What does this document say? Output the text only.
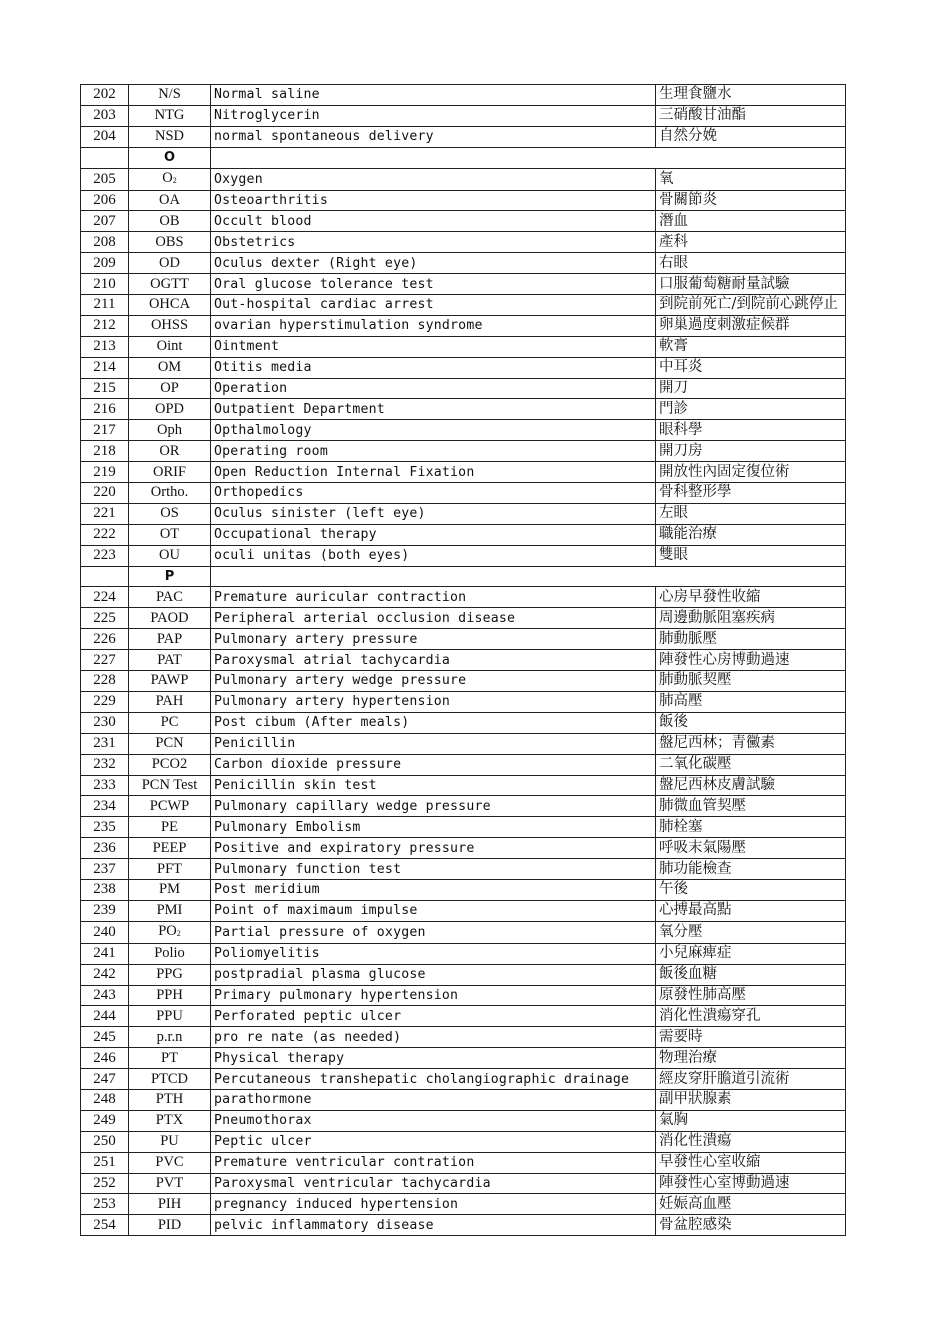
202	N/S	Normal saline	生理食鹽水
203	NTG	Nitroglycerin	三硝酸甘油酯
204	NSD	normal spontaneous delivery	自然分娩
	O		
205	$O_2$	Oxygen	氧
206	OA	Osteoarthritis	骨關節炎
207	OB	Occult blood	潛血
208	OBS	Obstetrics	產科
209	OD	Oculus dexter (Right eye)	右眼
210	OGTT	Oral glucose tolerance test	口服葡萄糖耐量試驗
211	OHCA	Out-hospital cardiac arrest	到院前死亡/到院前心跳停止
212	OHSS	ovarian hyperstimulation syndrome	卵巢過度刺激症候群
213	Oint	Ointment	軟膏
214	OM	Otitis media	中耳炎
215	OP	Operation	開刀
216	OPD	Outpatient Department	門診
217	Oph	Opthalmology	眼科學
218	OR	Operating room	開刀房
219	ORIF	Open Reduction Internal Fixation	開放性內固定復位術
220	Ortho.	Orthopedics	骨科整形學
221	OS	Oculus sinister (left eye)	左眼
222	OT	Occupational therapy	職能治療
223	OU	oculi unitas (both eyes)	雙眼
	P		
224	PAC	Premature auricular contraction	心房早發性收縮
225	PAOD	Peripheral arterial occlusion disease	周邊動脈阻塞疾病
226	PAP	Pulmonary artery pressure	肺動脈壓
227	PAT	Paroxysmal atrial tachycardia	陣發性心房博動過速
228	PAWP	Pulmonary artery wedge pressure	肺動脈契壓
229	PAH	Pulmonary artery hypertension	肺高壓
230	PC	Post cibum (After meals)	飯後
231	PCN	Penicillin	盤尼西林；青黴素
232	PCO2	Carbon dioxide pressure	二氧化碳壓
233	PCN Test	Penicillin skin test	盤尼西林皮膚試驗
234	PCWP	Pulmonary capillary wedge pressure	肺微血管契壓
235	PE	Pulmonary Embolism	肺栓塞
236	PEEP	Positive and expiratory pressure	呼吸末氣陽壓
237	PFT	Pulmonary function test	肺功能檢查
238	PM	Post meridium	午後
239	PMI	Point of maximaum impulse	心搏最高點
240	$PO_2$	Partial pressure of oxygen	氧分壓
241	Polio	Poliomyelitis	小兒麻痺症
242	PPG	postpradial plasma glucose	飯後血糖
243	PPH	Primary pulmonary hypertension	原發性肺高壓
244	PPU	Perforated peptic ulcer	消化性潰瘍穿孔
245	p.r.n	pro re nate (as needed)	需要時
246	PT	Physical therapy	物理治療
247	PTCD	Percutaneous transhepatic cholangiographic drainage	經皮穿肝膽道引流術
248	PTH	parathormone	副甲狀腺素
249	PTX	Pneumothorax	氣胸
250	PU	Peptic ulcer	消化性潰瘍
251	PVC	Premature ventricular contration	早發性心室收縮
252	PVT	Paroxysmal ventricular tachycardia	陣發性心室博動過速
253	PIH	pregnancy induced hypertension	妊娠高血壓
254	PID	pelvic inflammatory disease	骨盆腔感染
